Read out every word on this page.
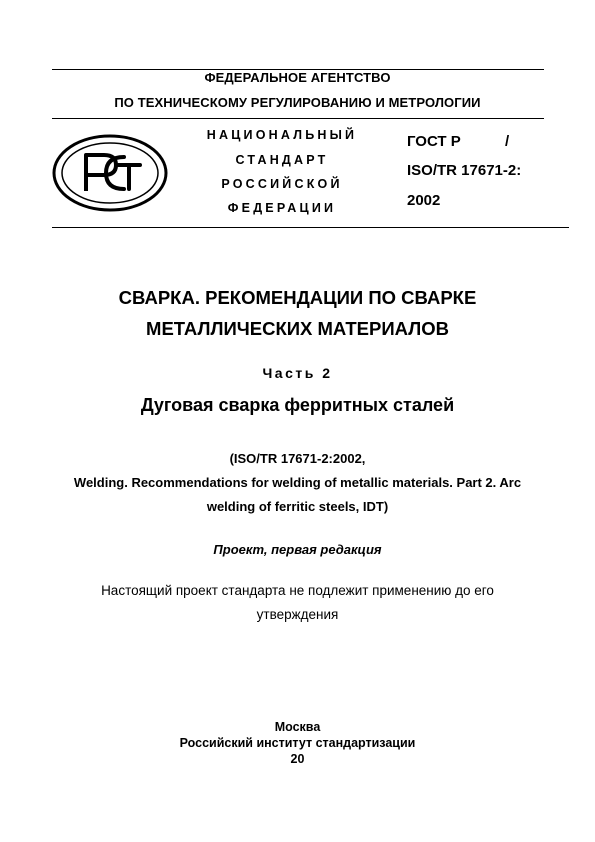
ФЕДЕРАЛЬНОЕ АГЕНТСТВО
ПО ТЕХНИЧЕСКОМУ РЕГУЛИРОВАНИЮ И МЕТРОЛОГИИ
НАЦИОНАЛЬНЫЙ
СТАНДАРТ
РОССИЙСКОЙ
ФЕДЕРАЦИИ
ГОСТ Р	/
ISO/TR 17671-2:
2002
СВАРКА. РЕКОМЕНДАЦИИ ПО СВАРКЕ
МЕТАЛЛИЧЕСКИХ МАТЕРИАЛОВ
Часть 2
Дуговая сварка ферритных сталей
(ISO/TR 17671-2:2002,
Welding. Recommendations for welding of metallic materials. Part 2. Arc
welding of ferritic steels, IDT)
Проект, первая редакция
Настоящий проект стандарта не подлежит применению до его
утверждения
Москва
Российский институт стандартизации
20
